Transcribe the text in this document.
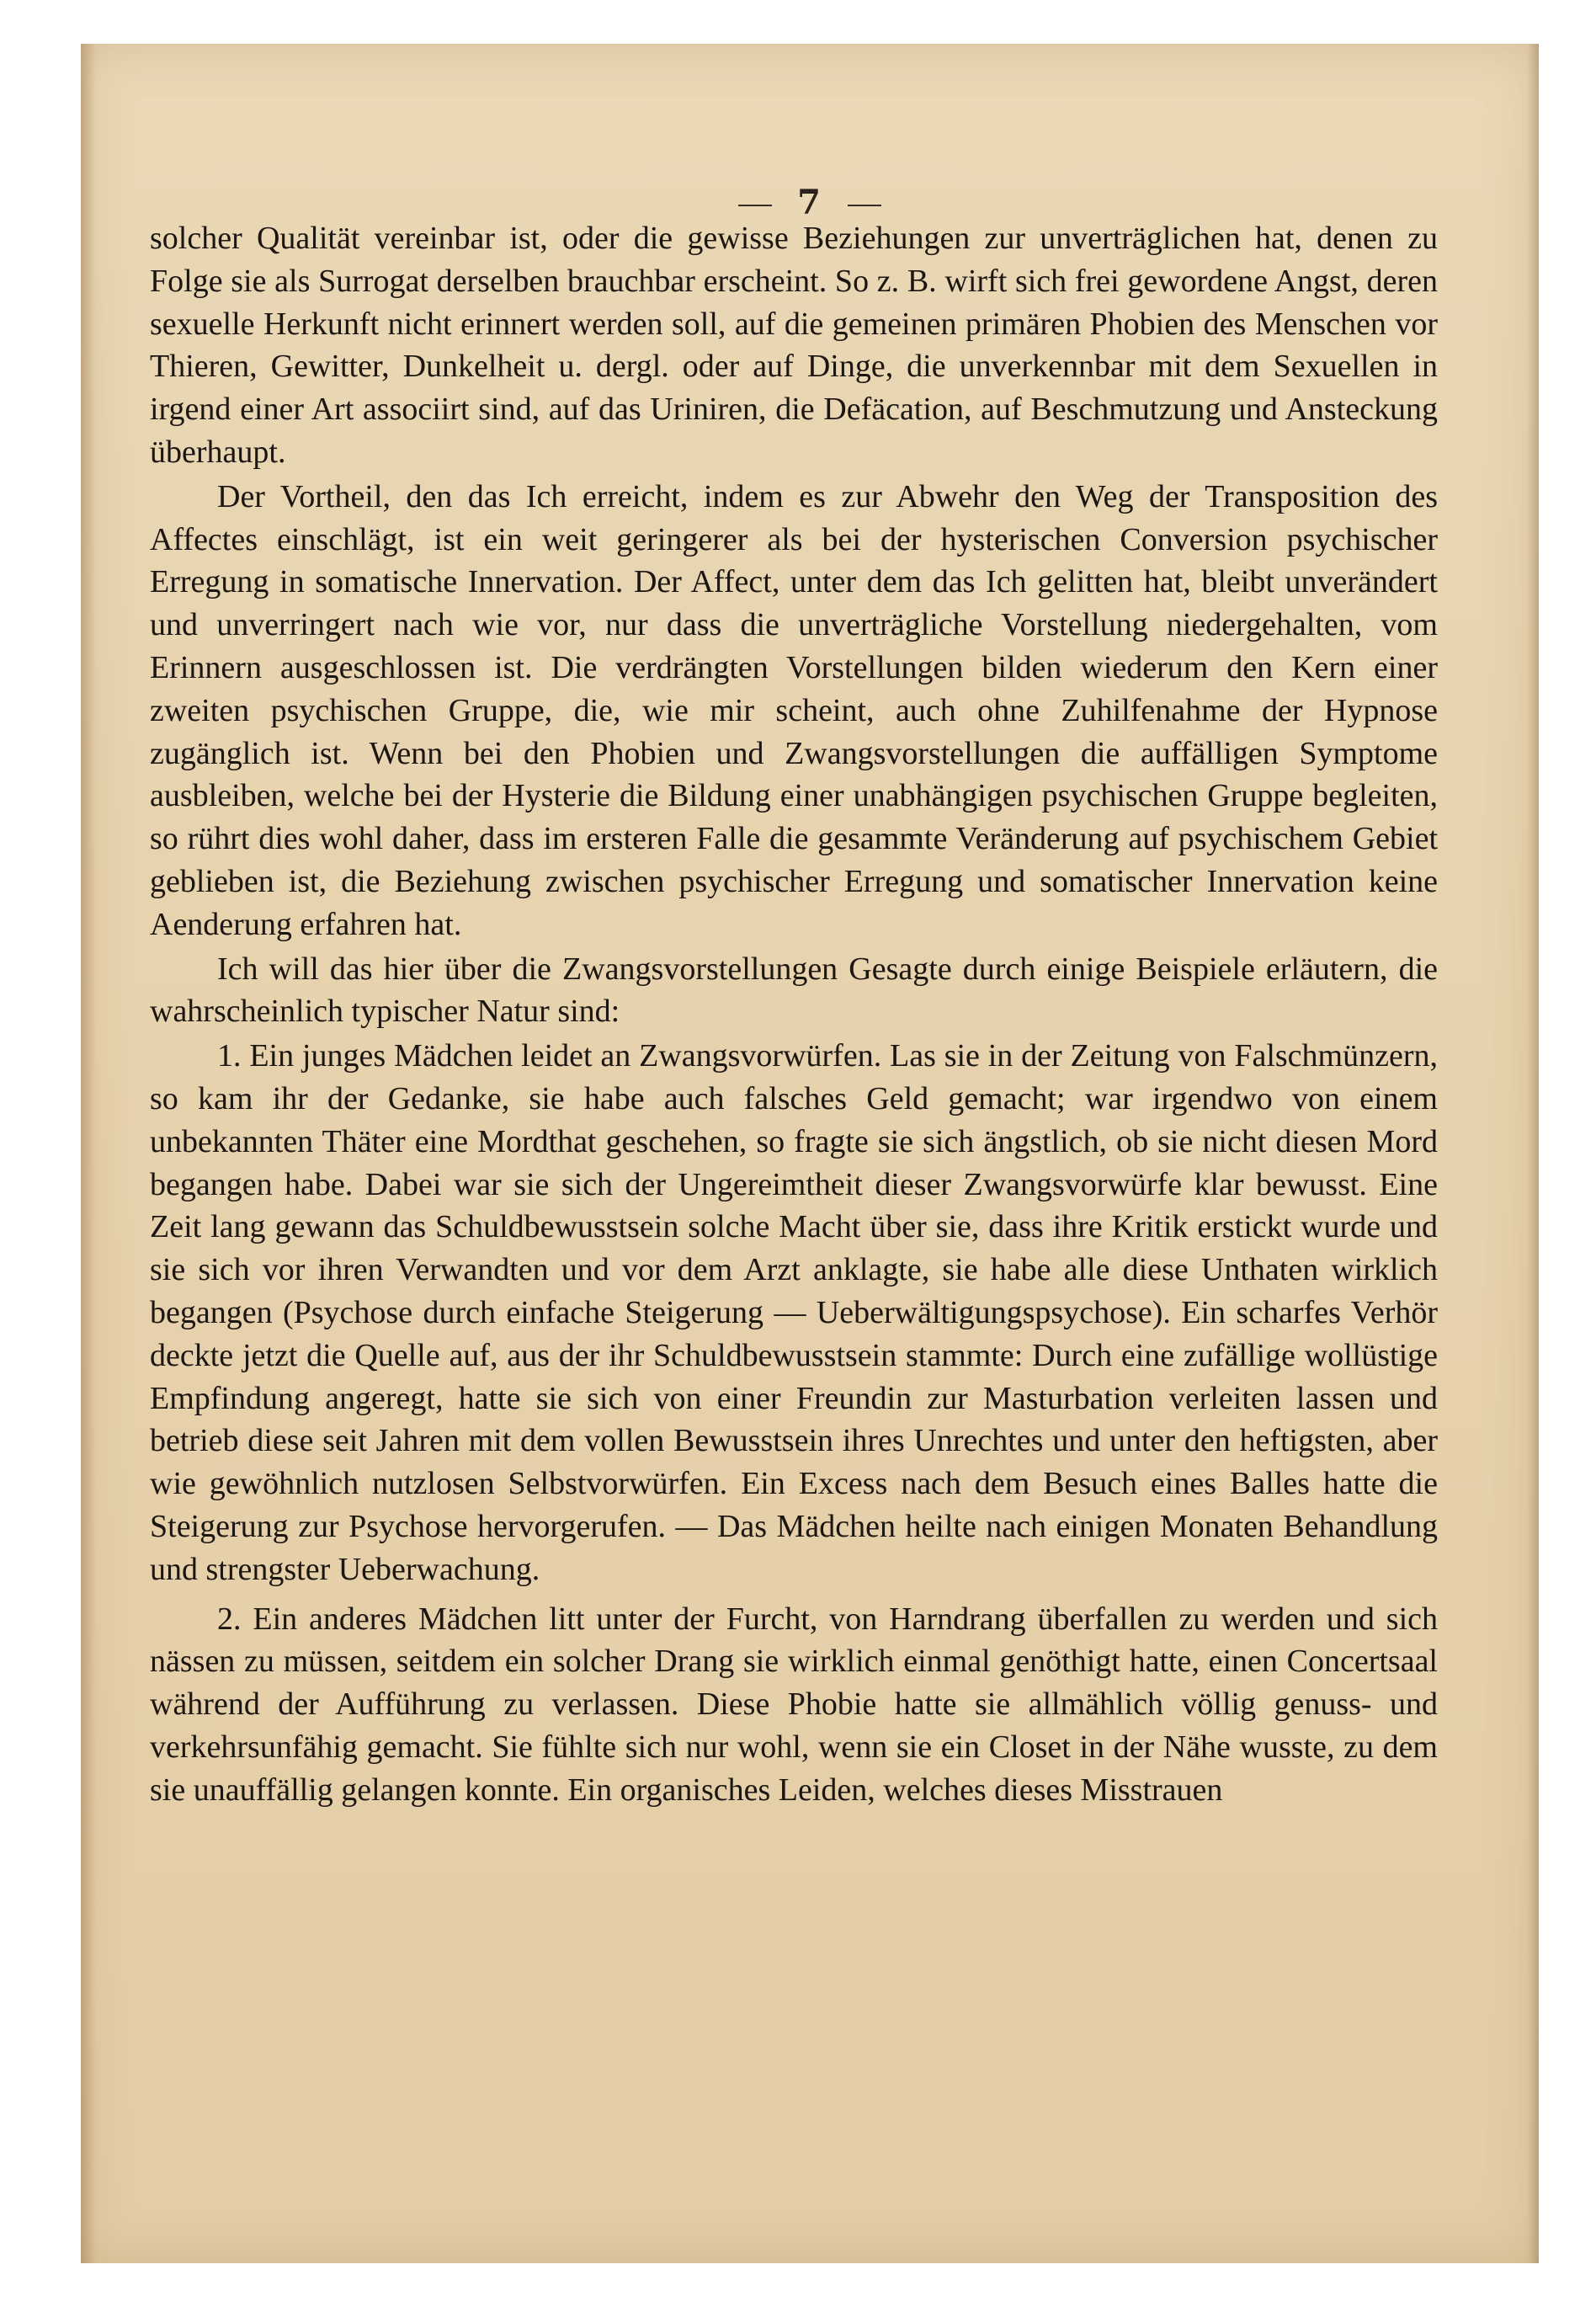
7

solcher Qualität vereinbar ist, oder die gewisse Beziehungen zur unverträglichen hat, denen zu Folge sie als Surrogat derselben brauchbar erscheint. So z. B. wirft sich frei gewordene Angst, deren sexuelle Herkunft nicht erinnert werden soll, auf die gemeinen primären Phobien des Menschen vor Thieren, Gewitter, Dunkelheit u. dergl. oder auf Dinge, die unverkennbar mit dem Sexuellen in irgend einer Art associirt sind, auf das Uriniren, die Defäcation, auf Beschmutzung und Ansteckung überhaupt.

Der Vortheil, den das Ich erreicht, indem es zur Abwehr den Weg der Transposition des Affectes einschlägt, ist ein weit geringerer als bei der hysterischen Conversion psychischer Erregung in somatische Innervation. Der Affect, unter dem das Ich gelitten hat, bleibt unverändert und unverringert nach wie vor, nur dass die unverträgliche Vorstellung niedergehalten, vom Erinnern ausgeschlossen ist. Die verdrängten Vorstellungen bilden wiederum den Kern einer zweiten psychischen Gruppe, die, wie mir scheint, auch ohne Zuhilfenahme der Hypnose zugänglich ist. Wenn bei den Phobien und Zwangsvorstellungen die auffälligen Symptome ausbleiben, welche bei der Hysterie die Bildung einer unabhängigen psychischen Gruppe begleiten, so rührt dies wohl daher, dass im ersteren Falle die gesammte Veränderung auf psychischem Gebiet geblieben ist, die Beziehung zwischen psychischer Erregung und somatischer Innervation keine Aenderung erfahren hat.

Ich will das hier über die Zwangsvorstellungen Gesagte durch einige Beispiele erläutern, die wahrscheinlich typischer Natur sind:

1. Ein junges Mädchen leidet an Zwangsvorwürfen. Las sie in der Zeitung von Falschmünzern, so kam ihr der Gedanke, sie habe auch falsches Geld gemacht; war irgendwo von einem unbekannten Thäter eine Mordthat geschehen, so fragte sie sich ängstlich, ob sie nicht diesen Mord begangen habe. Dabei war sie sich der Ungereimtheit dieser Zwangsvorwürfe klar bewusst. Eine Zeit lang gewann das Schuldbewusstsein solche Macht über sie, dass ihre Kritik erstickt wurde und sie sich vor ihren Verwandten und vor dem Arzt anklagte, sie habe alle diese Unthaten wirklich begangen (Psychose durch einfache Steigerung — Ueberwältigungspsychose). Ein scharfes Verhör deckte jetzt die Quelle auf, aus der ihr Schuldbewusstsein stammte: Durch eine zufällige wollüstige Empfindung angeregt, hatte sie sich von einer Freundin zur Masturbation verleiten lassen und betrieb diese seit Jahren mit dem vollen Bewusstsein ihres Unrechtes und unter den heftigsten, aber wie gewöhnlich nutzlosen Selbstvorwürfen. Ein Excess nach dem Besuch eines Balles hatte die Steigerung zur Psychose hervorgerufen. — Das Mädchen heilte nach einigen Monaten Behandlung und strengster Ueberwachung.

2. Ein anderes Mädchen litt unter der Furcht, von Harndrang überfallen zu werden und sich nässen zu müssen, seitdem ein solcher Drang sie wirklich einmal genöthigt hatte, einen Concertsaal während der Aufführung zu verlassen. Diese Phobie hatte sie allmählich völlig genuss- und verkehrsunfähig gemacht. Sie fühlte sich nur wohl, wenn sie ein Closet in der Nähe wusste, zu dem sie unauffällig gelangen konnte. Ein organisches Leiden, welches dieses Misstrauen
